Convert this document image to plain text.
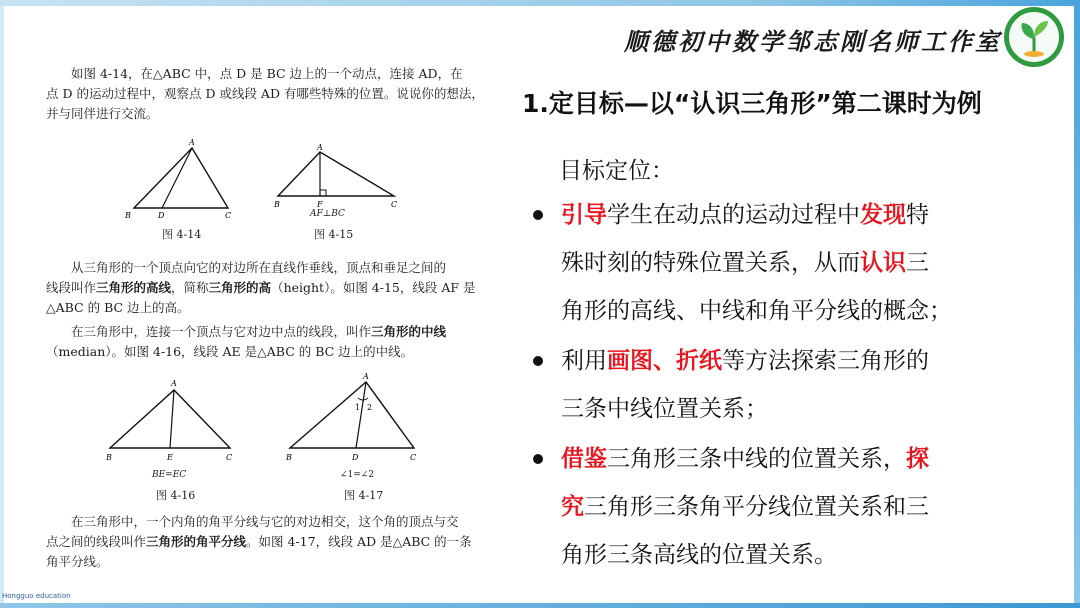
如图 4-14，在△ABC 中，点 D 是 BC 边上的一个动点，连接 AD，在
点 D 的运动过程中，观察点 D 或线段 AD 有哪些特殊的位置。说说你的想法，
并与同伴进行交流。

A
B	D	C
图 4-14
A
B	F	C
AF⊥BC
图 4-15

从三角形的一个顶点向它的对边所在直线作垂线，顶点和垂足之间的
线段叫作三角形的高线，简称三角形的高（height）。如图 4-15，线段 AF 是
△ABC 的 BC 边上的高。

在三角形中，连接一个顶点与它对边中点的线段，叫作三角形的中线
（median）。如图 4-16，线段 AE 是△ABC 的 BC 边上的中线。

A
B	E	C
BE=EC
图 4-16
A
1 2
B	D	C
∠1=∠2
图 4-17

在三角形中，一个内角的角平分线与它的对边相交，这个角的顶点与交
点之间的线段叫作三角形的角平分线。如图 4-17，线段 AD 是△ABC 的一条
角平分线。

Hongguo education
顺德初中数学邹志刚名师工作室
1.定目标—以“认识三角形”第二课时为例
目标定位：

引导学生在动点的运动过程中发现特
殊时刻的特殊位置关系，从而认识三
角形的高线、中线和角平分线的概念；

利用画图、折纸等方法探索三角形的
三条中线位置关系；

借鉴三角形三条中线的位置关系，探
究三角形三条角平分线位置关系和三
角形三条高线的位置关系。
